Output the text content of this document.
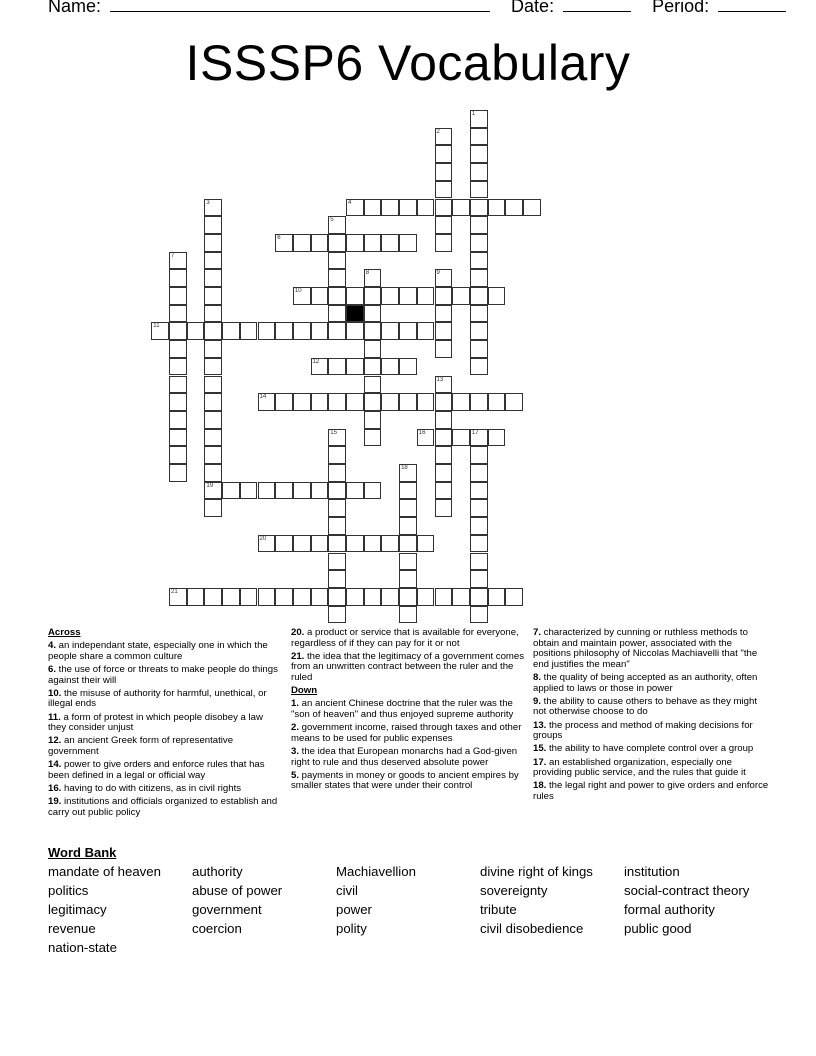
Name:	Date:	Period:
ISSSP6 Vocabulary
1
2
3
19
4
5
6
7
8	9
10
11
12
13
14
15	16	17
18
20
21

Across

4. an independant state, especially one in which the people share a common culture

6. the use of force or threats to make people do things against their will

10. the misuse of authority for harmful, unethical, or illegal ends

11. a form of protest in which people disobey a law they consider unjust

12. an ancient Greek form of representative government

14. power to give orders and enforce rules that has been defined in a legal or official way

16. having to do with citizens, as in civil rights

19. institutions and officials organized to establish and carry out public policy

20. a product or service that is available for everyone, regardless of if they can pay for it or not

21. the idea that the legitimacy of a government comes from an unwritten contract between the ruler and the ruled

Down

1. an ancient Chinese doctrine that the ruler was the "son of heaven" and thus enjoyed supreme authority

2. government income, raised through taxes and other means to be used for public expenses

3. the idea that European monarchs had a God-given right to rule and thus deserved absolute power

5. payments in money or goods to ancient empires by smaller states that were under their control

7. characterized by cunning or ruthless methods to obtain and maintain power, associated with the positions philosophy of Niccolas Machiavelli that "the end justifies the mean"

8. the quality of being accepted as an authority, often applied to laws or those in power

9. the ability to cause others to behave as they might not otherwise choose to do

13. the process and method of making decisions for groups

15. the ability to have complete control over a group

17. an established organization, especially one providing public service, and the rules that guide it

18. the legal right and power to give orders and enforce rules

Word Bank
mandate of heaven
politics
legitimacy
revenue
nation-state
authority
abuse of power
government
coercion
Machiavellion
civil
power
polity
divine right of kings
sovereignty
tribute
civil disobedience
institution
social-contract theory
formal authority
public good
